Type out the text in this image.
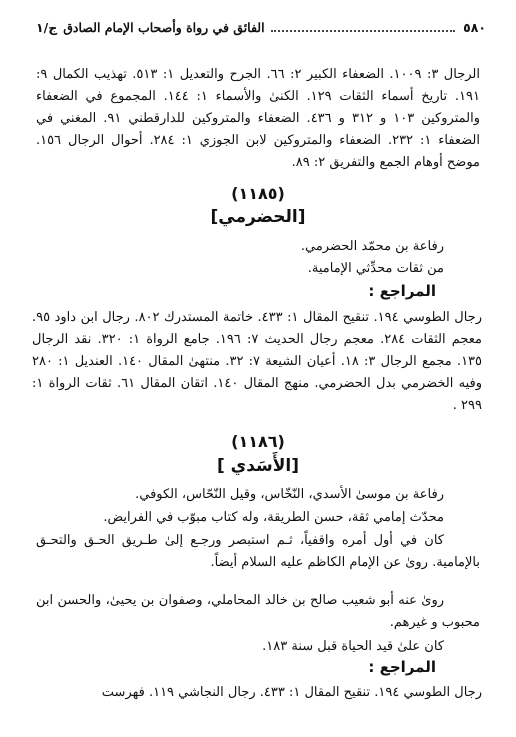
٥٨٠
الفائق في رواة وأصحاب الإمام الصادق
ج/١

الرجال ٣: ١٠٠٩. الضعفاء الكبير ٢: ٦٦. الجرح والتعديل ١: ٥١٣. تهذيب الكمال ٩: ١٩١. تاريخ أسماء الثقات ١٢٩. الكنىٰ والأسماء ١: ١٤٤. المجموع في الضعفاء والمتروكين ١٠٣ و ٣١٢ و ٤٣٦. الضعفاء والمتروكين للدارقطني ٩١. المغني في الضعفاء ١: ٢٣٢. الضعفاء والمتروكين لابن الجوزي ١: ٢٨٤. أحوال الرجال ١٥٦. موضح أوهام الجمع والتفريق ٢: ٨٩.

(١١٨٥)
[الحضرمي]

رفاعة بن محمّد الحضرمي.

من ثقات محدِّثي الإمامية.

المراجع :

رجال الطوسي ١٩٤. تنقيح المقال ١: ٤٣٣. خاتمة المستدرك ٨٠٢. رجال ابن داود ٩٥. معجم الثقات ٢٨٤. معجم رجال الحديث ٧: ١٩٦. جامع الرواة ١: ٣٢٠. نقد الرجال ١٣٥. مجمع الرجال ٣: ١٨. أعيان الشيعة ٧: ٣٢. منتهىٰ المقال ١٤٠. العنديل ١: ٢٨٠ وفيه الخضرمي بدل الحضرمي. منهج المقال ١٤٠. اتقان المقال ٦١. ثقات الرواة ١: ٢٩٩ .

(١١٨٦)
[الأَسَدي ]

رفاعة بن موسىٰ الأسدي، النّخّاس، وقيل النّحّاس، الكوفي.

محدّث إمامي ثقة، حسن الطريقة، وله كتاب مبوّب في الفرايض.

كان في أول أمره واقفياً، ثـم استبصر ورجـع إلىٰ طـريق الحـق والتحـق بالإمامية. روىٰ عن الإمام الكاظم عليه السلام أيضاً.

روىٰ عنه أبو شعيب صالح بن خالد المحاملي، وصفوان بن يحيىٰ، والحسن ابن محبوب و غيرهم.

كان علىٰ قيد الحياة قبل سنة ١٨٣.

المراجع :

رجال الطوسي ١٩٤. تنقيح المقال ١: ٤٣٣. رجال النجاشي ١١٩. فهرست
